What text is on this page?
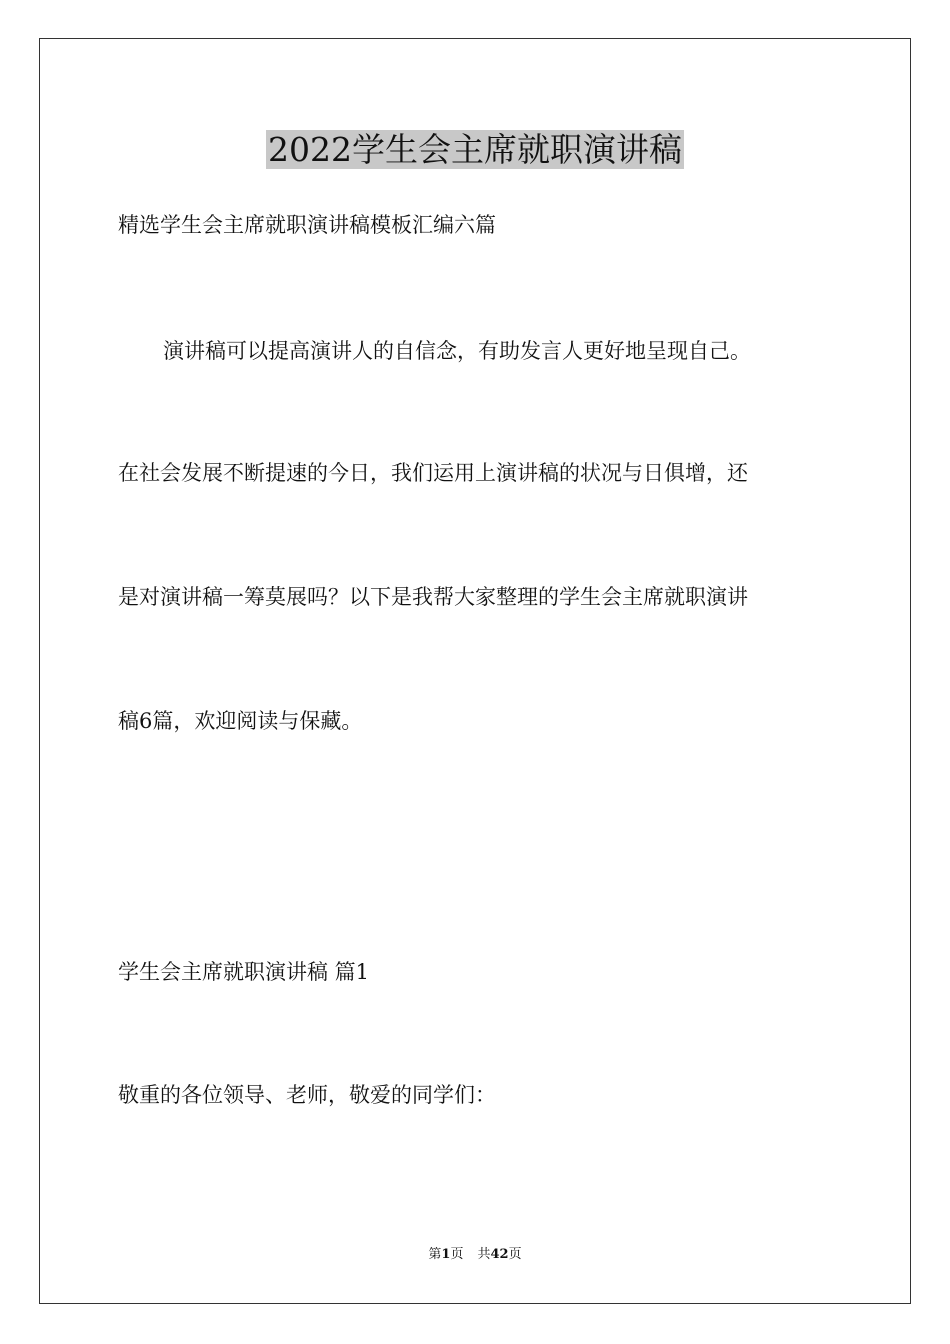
2022学生会主席就职演讲稿

精选学生会主席就职演讲稿模板汇编六篇

演讲稿可以提高演讲人的自信念，有助发言人更好地呈现自己。

在社会发展不断提速的今日，我们运用上演讲稿的状况与日俱增，还

是对演讲稿一筹莫展吗？以下是我帮大家整理的学生会主席就职演讲

稿6篇，欢迎阅读与保藏。

学生会主席就职演讲稿 篇1

敬重的各位领导、老师，敬爱的同学们：

第1页 共42页
